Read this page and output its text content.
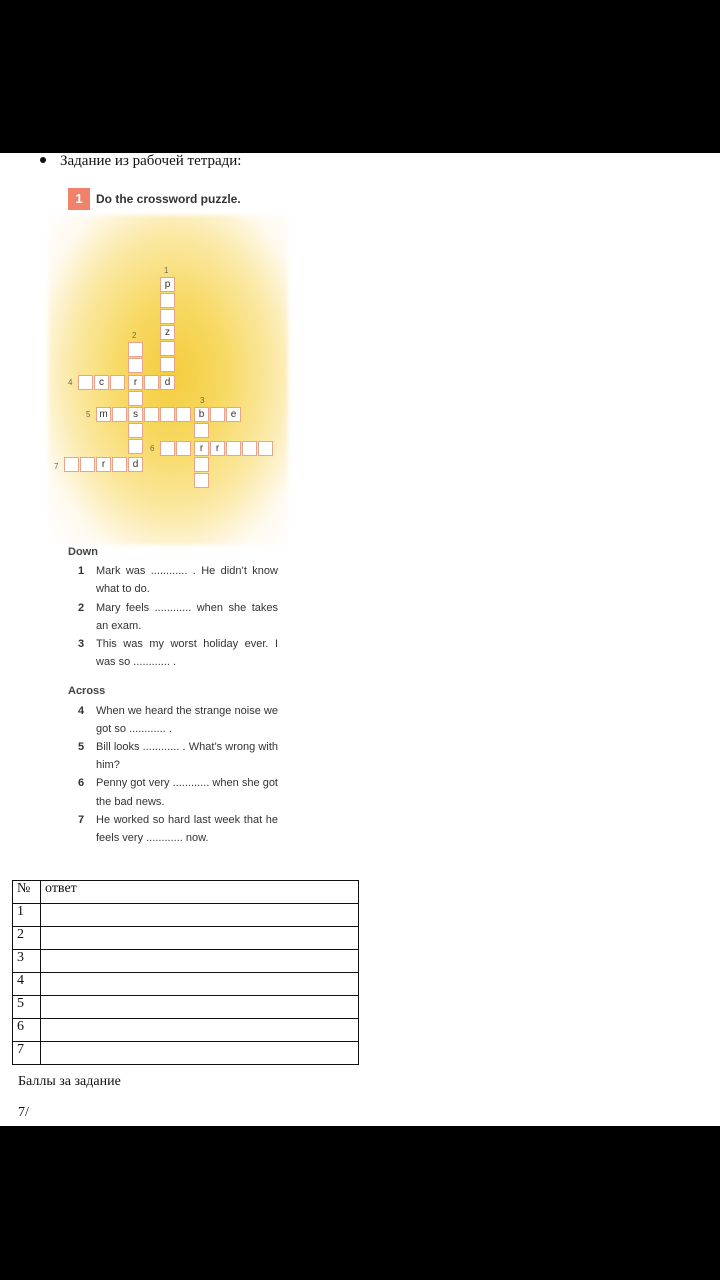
Задание из рабочей тетради:
1 Do the crossword puzzle.
1
p
z
d
2
4	c	r
5 m	s	b	e
3
6	r	r
7	r	d
Down
1	Mark was ............ . He didn’t know what to do.
2	Mary feels ............ when she takes an exam.
3	This was my worst holiday ever. I was so ............ .
Across
4	When we heard the strange noise we got so ............ .
5	Bill looks ............ . What’s wrong with him?
6	Penny got very ............ when she got the bad news.
7	He worked so hard last week that he feels very ............ now.
№	ответ
1	
2	
3	
4	
5	
6	
7	
Баллы за задание
7/
